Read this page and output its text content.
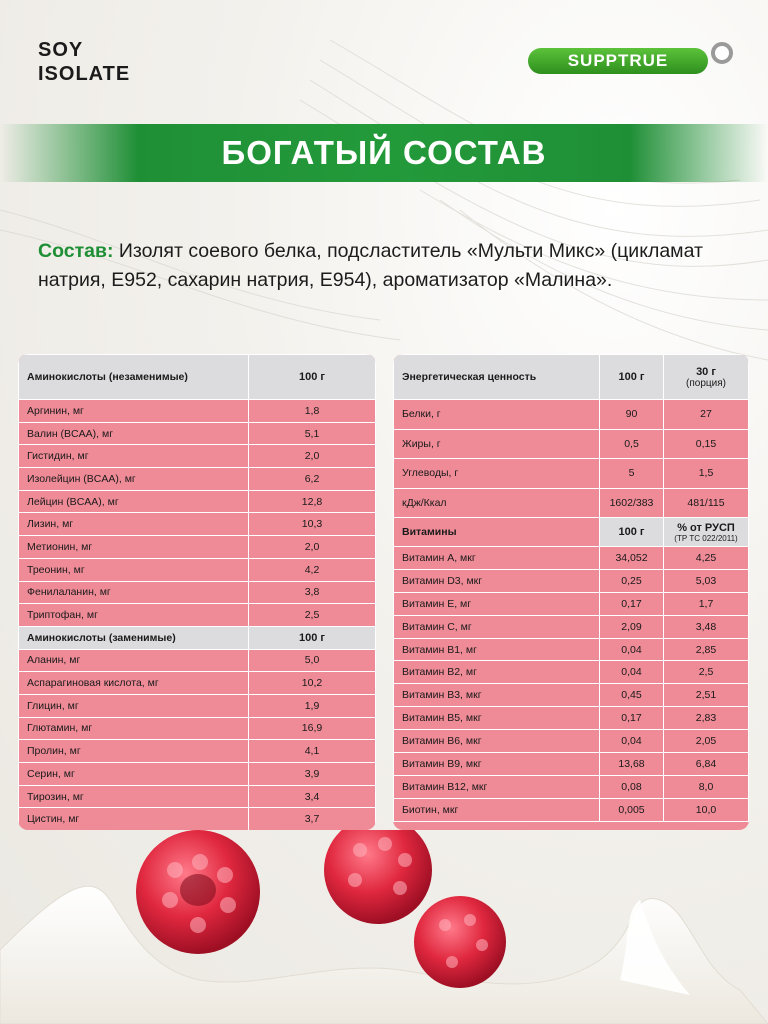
SOY
ISOLATE
SUPPTRUE
БОГАТЫЙ СОСТАВ
Состав: Изолят соевого белка, подсластитель «Мульти Микс» (цикламат натрия, Е952, сахарин натрия, Е954), ароматизатор «Малина».
Аминокислоты (незаменимые)	100 г
Аргинин, мг	1,8
Валин (BCAA), мг	5,1
Гистидин, мг	2,0
Изолейцин (BCAA), мг	6,2
Лейцин (BCAA), мг	12,8
Лизин, мг	10,3
Метионин, мг	2,0
Треонин, мг	4,2
Фенилаланин, мг	3,8
Триптофан, мг	2,5
Аминокислоты (заменимые)	100 г
Аланин, мг	5,0
Аспарагиновая кислота, мг	10,2
Глицин, мг	1,9
Глютамин, мг	16,9
Пролин, мг	4,1
Серин, мг	3,9
Тирозин, мг	3,4
Цистин, мг	3,7
Энергетическая ценность	100 г	30 г
(порция)

Белки, г	90	27
Жиры, г	0,5	0,15
Углеводы, г	5	1,5
кДж/Ккал	1602/383	481/115
Витамины	100 г	% от РУСП
(ТР ТС 022/2011)

Витамин А, мкг	34,052	4,25
Витамин D3, мкг	0,25	5,03
Витамин Е, мг	0,17	1,7
Витамин С, мг	2,09	3,48
Витамин В1, мг	0,04	2,85
Витамин В2, мг	0,04	2,5
Витамин В3, мкг	0,45	2,51
Витамин В5, мкг	0,17	2,83
Витамин В6, мкг	0,04	2,05
Витамин В9, мкг	13,68	6,84
Витамин В12, мкг	0,08	8,0
Биотин, мкг	0,005	10,0
